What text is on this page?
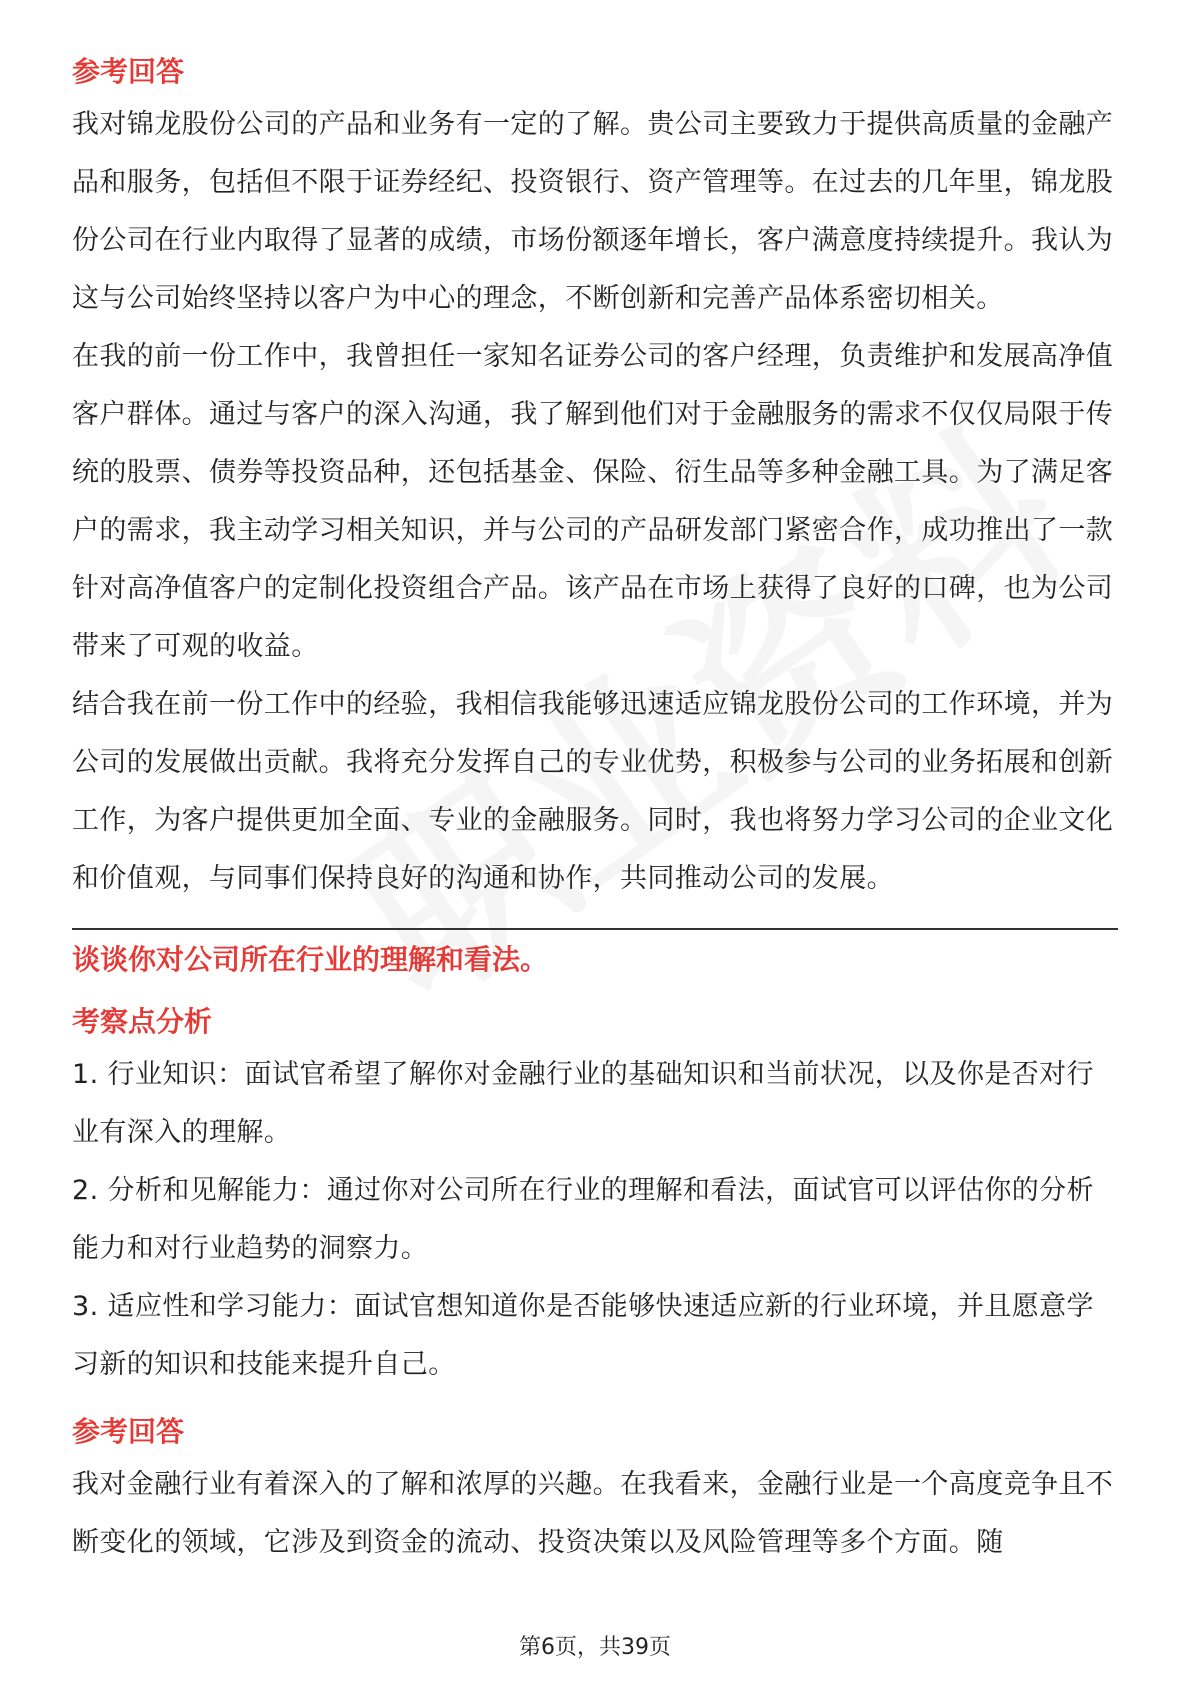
参考回答

我对锦龙股份公司的产品和业务有一定的了解。贵公司主要致力于提供高质量的金融产品和服务，包括但不限于证券经纪、投资银行、资产管理等。在过去的几年里，锦龙股份公司在行业内取得了显著的成绩，市场份额逐年增长，客户满意度持续提升。我认为这与公司始终坚持以客户为中心的理念，不断创新和完善产品体系密切相关。

在我的前一份工作中，我曾担任一家知名证券公司的客户经理，负责维护和发展高净值客户群体。通过与客户的深入沟通，我了解到他们对于金融服务的需求不仅仅局限于传统的股票、债券等投资品种，还包括基金、保险、衍生品等多种金融工具。为了满足客户的需求，我主动学习相关知识，并与公司的产品研发部门紧密合作，成功推出了一款针对高净值客户的定制化投资组合产品。该产品在市场上获得了良好的口碑，也为公司带来了可观的收益。

结合我在前一份工作中的经验，我相信我能够迅速适应锦龙股份公司的工作环境，并为公司的发展做出贡献。我将充分发挥自己的专业优势，积极参与公司的业务拓展和创新工作，为客户提供更加全面、专业的金融服务。同时，我也将努力学习公司的企业文化和价值观，与同事们保持良好的沟通和协作，共同推动公司的发展。

谈谈你对公司所在行业的理解和看法。
考察点分析

1. 行业知识：面试官希望了解你对金融行业的基础知识和当前状况，以及你是否对行业有深入的理解。

2. 分析和见解能力：通过你对公司所在行业的理解和看法，面试官可以评估你的分析能力和对行业趋势的洞察力。

3. 适应性和学习能力：面试官想知道你是否能够快速适应新的行业环境，并且愿意学习新的知识和技能来提升自己。

参考回答

我对金融行业有着深入的了解和浓厚的兴趣。在我看来，金融行业是一个高度竞争且不断变化的领域，它涉及到资金的流动、投资决策以及风险管理等多个方面。随

第6页，共39页
